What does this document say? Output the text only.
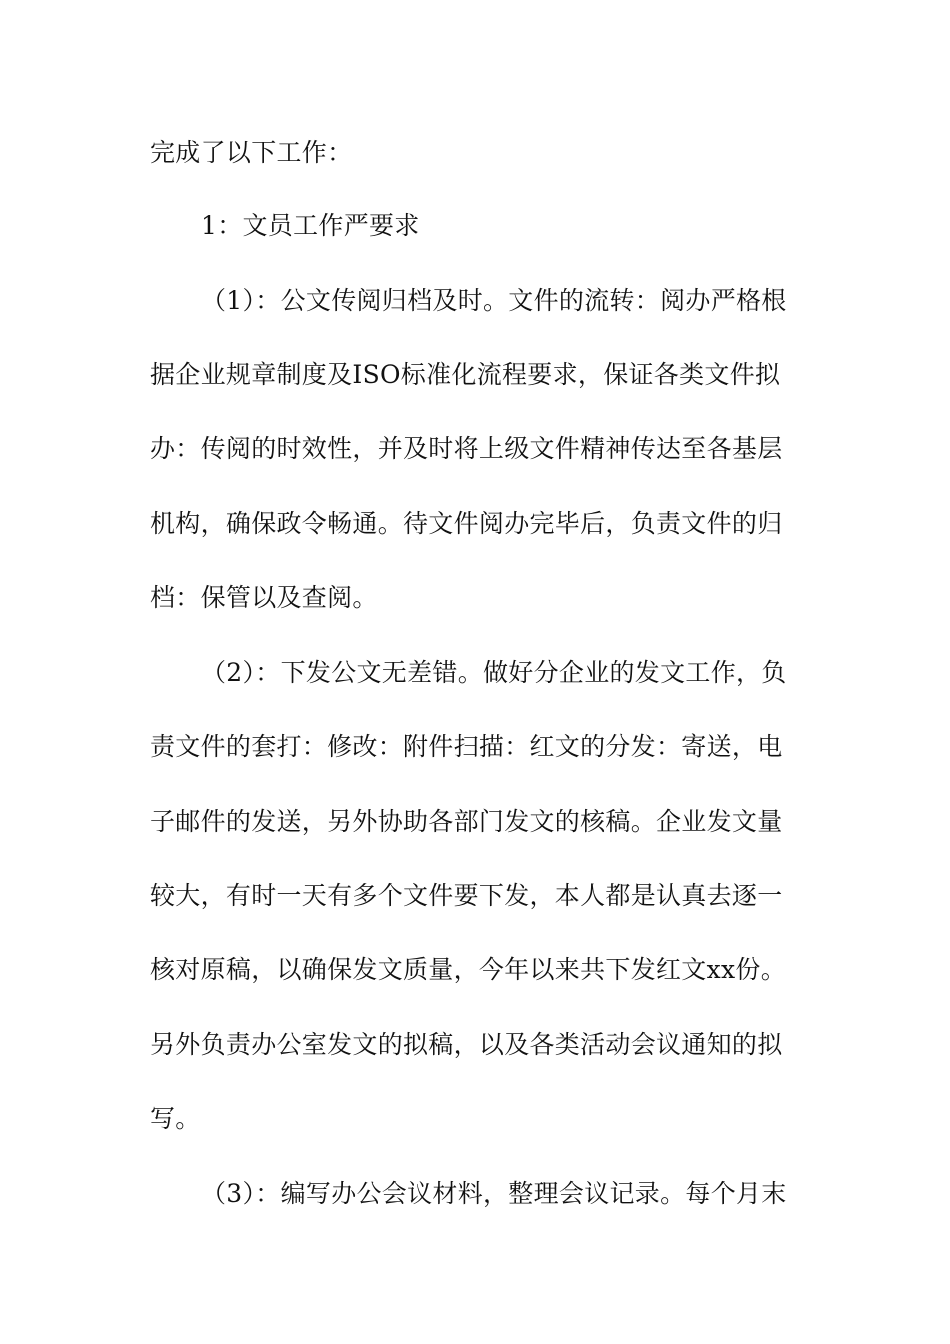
完成了以下工作：
1：文员工作严要求
（1）：公文传阅归档及时。文件的流转：阅办严格根
据企业规章制度及ISO标准化流程要求，保证各类文件拟
办：传阅的时效性，并及时将上级文件精神传达至各基层
机构，确保政令畅通。待文件阅办完毕后，负责文件的归
档：保管以及查阅。
（2）：下发公文无差错。做好分企业的发文工作，负
责文件的套打：修改：附件扫描：红文的分发：寄送，电
子邮件的发送，另外协助各部门发文的核稿。企业发文量
较大，有时一天有多个文件要下发，本人都是认真去逐一
核对原稿，以确保发文质量，今年以来共下发红文xx份。
另外负责办公室发文的拟稿，以及各类活动会议通知的拟
写。
（3）：编写办公会议材料，整理会议记录。每个月末
